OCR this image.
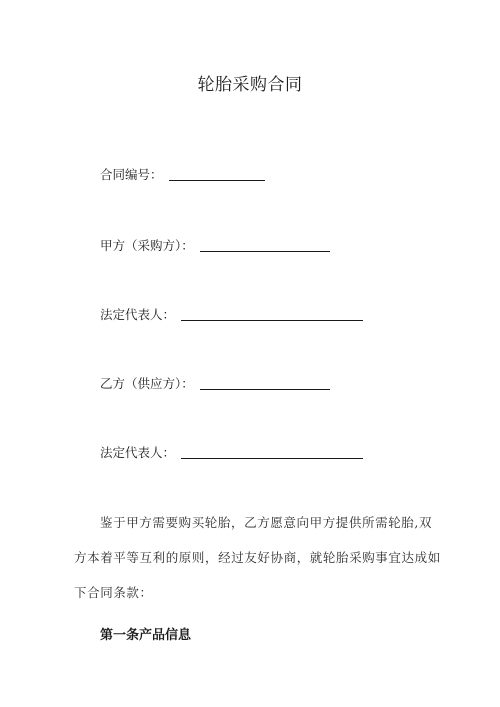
轮胎采购合同
合同编号：
甲方（采购方）：
法定代表人：
乙方（供应方）：
法定代表人：
鉴于甲方需要购买轮胎，乙方愿意向甲方提供所需轮胎,双
方本着平等互利的原则，经过友好协商，就轮胎采购事宜达成如
下合同条款：
第一条产品信息
